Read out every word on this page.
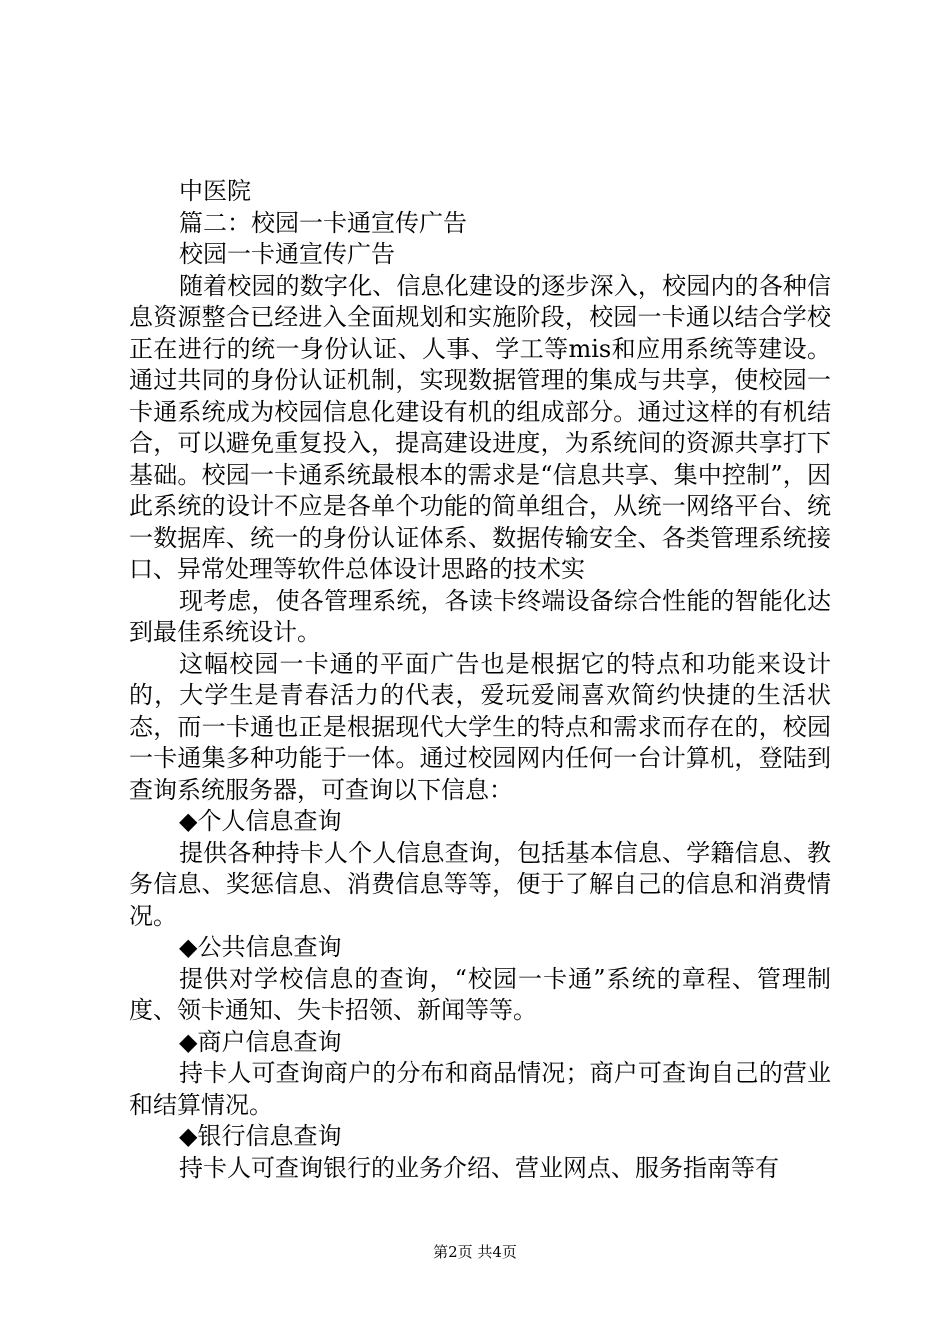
中医院

篇二：校园一卡通宣传广告

校园一卡通宣传广告

随着校园的数字化、信息化建设的逐步深入，校园内的各种信息资源整合已经进入全面规划和实施阶段，校园一卡通以结合学校正在进行的统一身份认证、人事、学工等mis和应用系统等建设。通过共同的身份认证机制，实现数据管理的集成与共享，使校园一卡通系统成为校园信息化建设有机的组成部分。通过这样的有机结合，可以避免重复投入，提高建设进度，为系统间的资源共享打下基础。校园一卡通系统最根本的需求是“信息共享、集中控制”，因此系统的设计不应是各单个功能的简单组合，从统一网络平台、统一数据库、统一的身份认证体系、数据传输安全、各类管理系统接口、异常处理等软件总体设计思路的技术实

现考虑，使各管理系统，各读卡终端设备综合性能的智能化达到最佳系统设计。

这幅校园一卡通的平面广告也是根据它的特点和功能来设计的，大学生是青春活力的代表，爱玩爱闹喜欢简约快捷的生活状态，而一卡通也正是根据现代大学生的特点和需求而存在的，校园一卡通集多种功能于一体。通过校园网内任何一台计算机，登陆到查询系统服务器，可查询以下信息：

◆个人信息查询

提供各种持卡人个人信息查询，包括基本信息、学籍信息、教务信息、奖惩信息、消费信息等等，便于了解自己的信息和消费情况。

◆公共信息查询

提供对学校信息的查询，“校园一卡通”系统的章程、管理制度、领卡通知、失卡招领、新闻等等。

◆商户信息查询

持卡人可查询商户的分布和商品情况；商户可查询自己的营业和结算情况。

◆银行信息查询

持卡人可查询银行的业务介绍、营业网点、服务指南等有

第2页 共4页
